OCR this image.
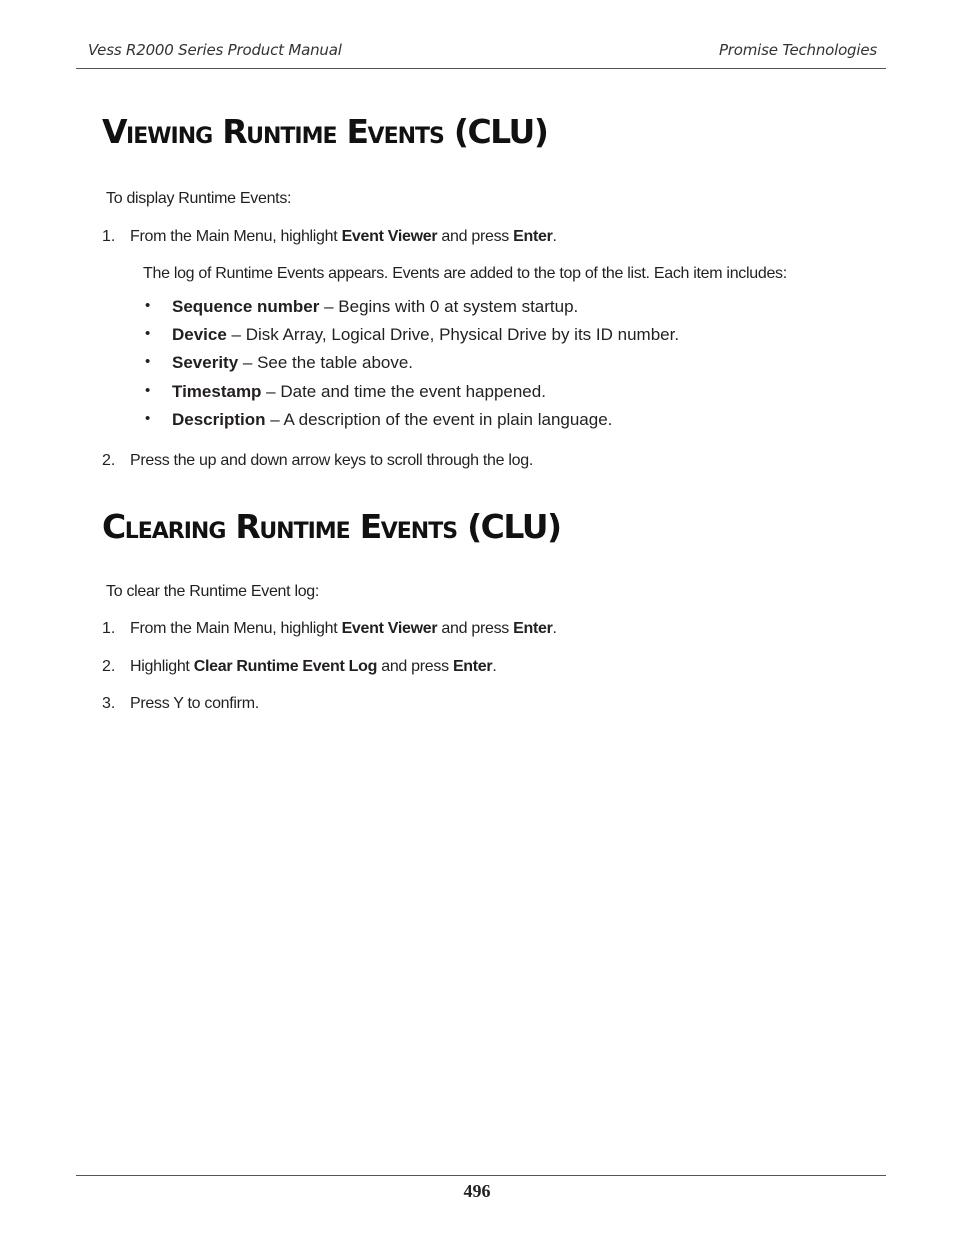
Vess R2000 Series Product Manual	Promise Technologies
VIEWING RUNTIME EVENTS (CLU)
To display Runtime Events:
1. From the Main Menu, highlight Event Viewer and press Enter.
The log of Runtime Events appears. Events are added to the top of the list. Each item includes:
• Sequence number – Begins with 0 at system startup.
• Device – Disk Array, Logical Drive, Physical Drive by its ID number.
• Severity – See the table above.
• Timestamp – Date and time the event happened.
• Description – A description of the event in plain language.
2. Press the up and down arrow keys to scroll through the log.
CLEARING RUNTIME EVENTS (CLU)
To clear the Runtime Event log:
1. From the Main Menu, highlight Event Viewer and press Enter.
2. Highlight Clear Runtime Event Log and press Enter.
3. Press Y to confirm.
496
